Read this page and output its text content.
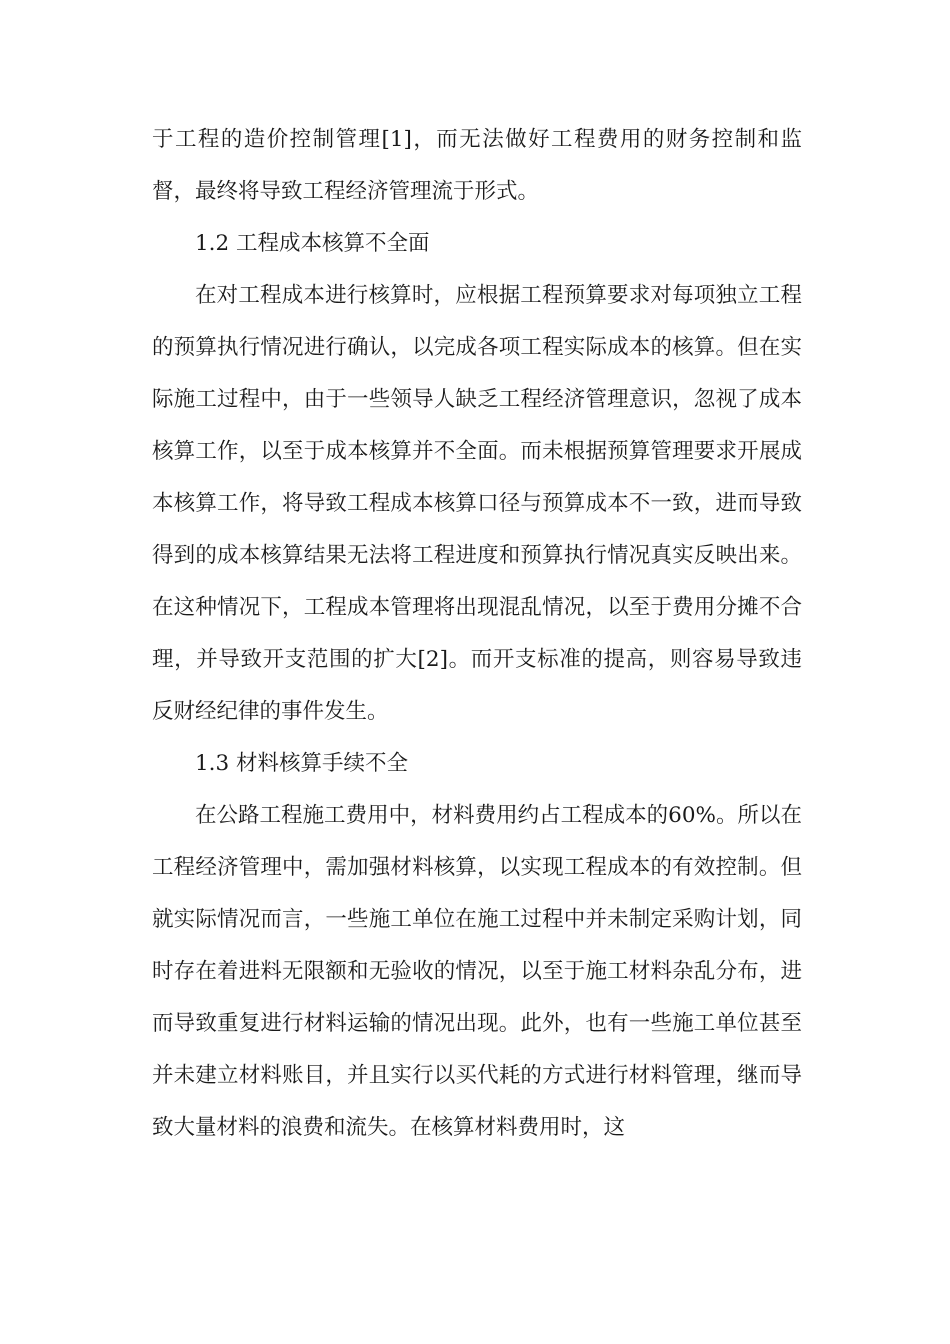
于工程的造价控制管理[1]，而无法做好工程费用的财务控制和监督，最终将导致工程经济管理流于形式。

1.2 工程成本核算不全面

在对工程成本进行核算时，应根据工程预算要求对每项独立工程的预算执行情况进行确认，以完成各项工程实际成本的核算。但在实际施工过程中，由于一些领导人缺乏工程经济管理意识，忽视了成本核算工作，以至于成本核算并不全面。而未根据预算管理要求开展成本核算工作，将导致工程成本核算口径与预算成本不一致，进而导致得到的成本核算结果无法将工程进度和预算执行情况真实反映出来。在这种情况下，工程成本管理将出现混乱情况，以至于费用分摊不合理，并导致开支范围的扩大[2]。而开支标准的提高，则容易导致违反财经纪律的事件发生。

1.3 材料核算手续不全

在公路工程施工费用中，材料费用约占工程成本的60%。所以在工程经济管理中，需加强材料核算，以实现工程成本的有效控制。但就实际情况而言，一些施工单位在施工过程中并未制定采购计划，同时存在着进料无限额和无验收的情况，以至于施工材料杂乱分布，进而导致重复进行材料运输的情况出现。此外，也有一些施工单位甚至并未建立材料账目，并且实行以买代耗的方式进行材料管理，继而导致大量材料的浪费和流失。在核算材料费用时，这
